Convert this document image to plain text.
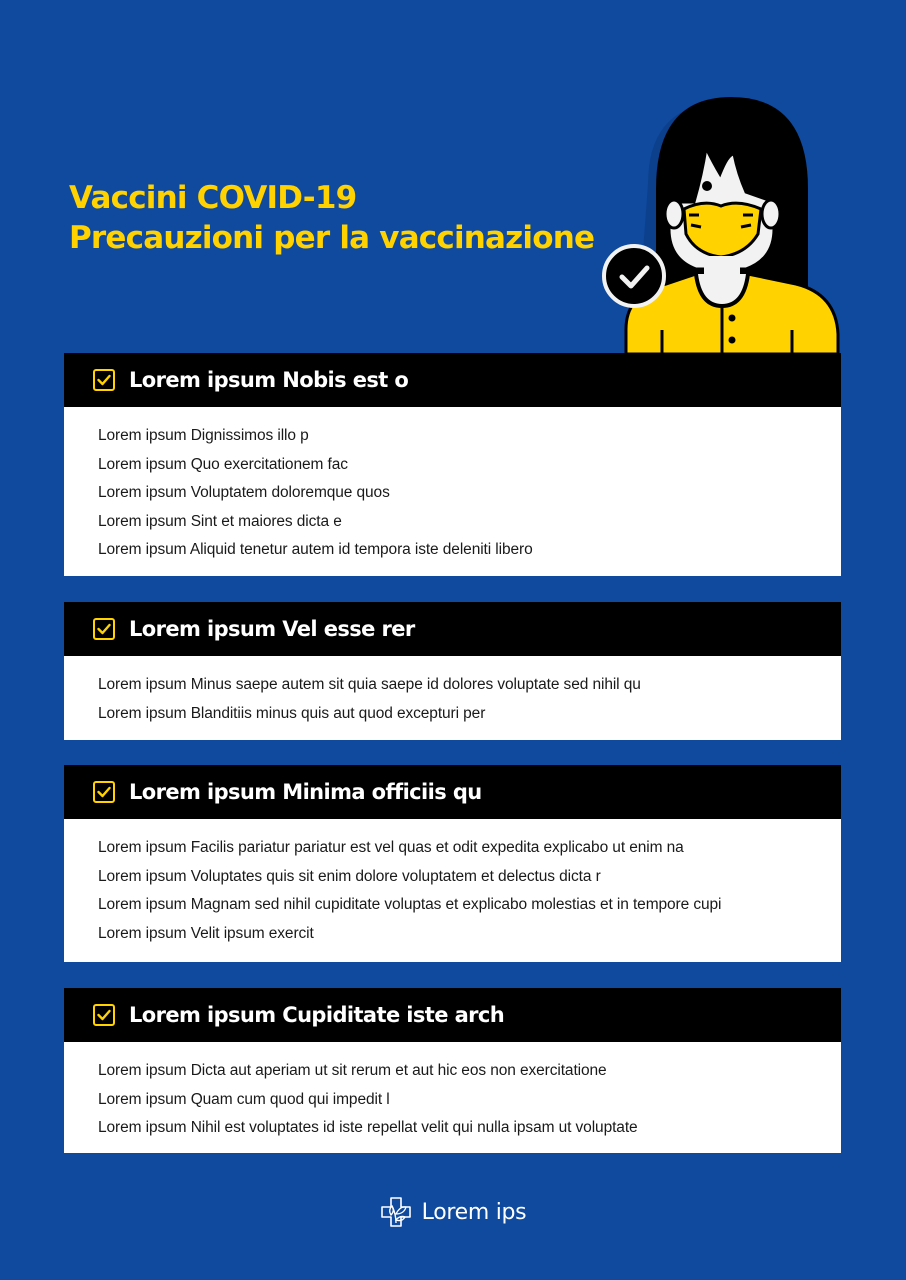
Vaccini COVID-19
Precauzioni per la vaccinazione
Lorem ipsum Nobis est o
Lorem ipsum Dignissimos illo p
Lorem ipsum Quo exercitationem fac
Lorem ipsum Voluptatem doloremque quos
Lorem ipsum Sint et maiores dicta e
Lorem ipsum Aliquid tenetur autem id tempora iste deleniti libero
Lorem ipsum Vel esse rer
Lorem ipsum Minus saepe autem sit quia saepe id dolores voluptate sed nihil qu
Lorem ipsum Blanditiis minus quis aut quod excepturi per
Lorem ipsum Minima officiis qu
Lorem ipsum Facilis pariatur pariatur est vel quas et odit expedita explicabo ut enim na
Lorem ipsum Voluptates quis sit enim dolore voluptatem et delectus dicta r
Lorem ipsum Magnam sed nihil cupiditate voluptas et explicabo molestias et in tempore cupi
Lorem ipsum Velit ipsum exercit
Lorem ipsum Cupiditate iste arch
Lorem ipsum Dicta aut aperiam ut sit rerum et aut hic eos non exercitatione
Lorem ipsum Quam cum quod qui impedit l
Lorem ipsum Nihil est voluptates id iste repellat velit qui nulla ipsam ut voluptate
Lorem ips
